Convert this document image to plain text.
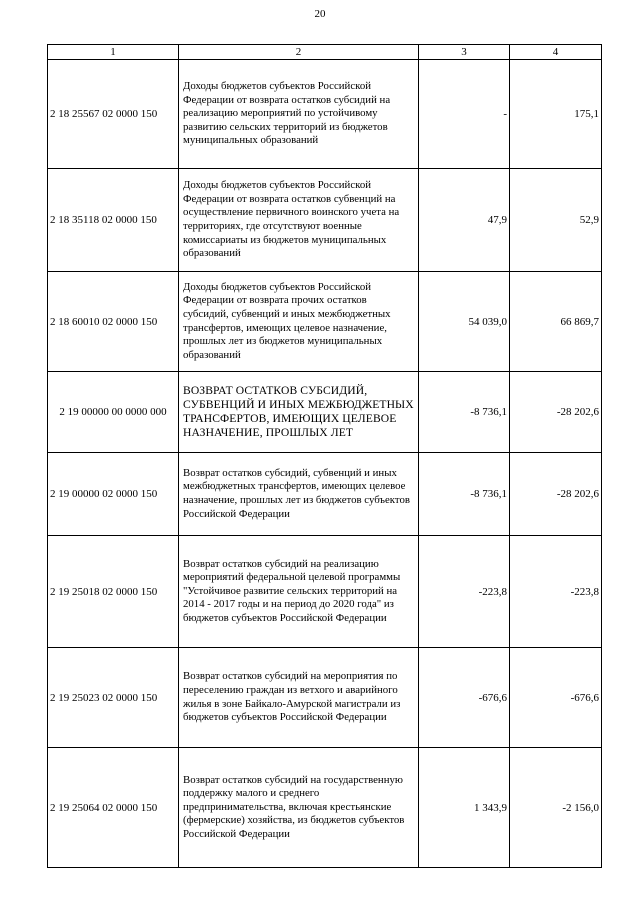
20
1	2	3	4
2 18 25567 02 0000 150	Доходы бюджетов субъектов Российской Федерации от возврата остатков субсидий на реализацию мероприятий по устойчивому развитию сельских территорий из бюджетов муниципальных образований	-	175,1
2 18 35118 02 0000 150	Доходы бюджетов субъектов Российской Федерации от возврата остатков субвенций на осуществление первичного воинского учета на территориях, где отсутствуют военные комиссариаты из бюджетов муниципальных образований	47,9	52,9
2 18 60010 02 0000 150	Доходы бюджетов субъектов Российской Федерации от возврата прочих остатков субсидий, субвенций и иных межбюджетных трансфертов, имеющих целевое назначение, прошлых лет из бюджетов муниципальных образований	54 039,0	66 869,7
2 19 00000 00 0000 000	ВОЗВРАТ ОСТАТКОВ СУБСИДИЙ, СУБВЕНЦИЙ И ИНЫХ МЕЖБЮДЖЕТНЫХ ТРАНСФЕРТОВ, ИМЕЮЩИХ ЦЕЛЕВОЕ НАЗНАЧЕНИЕ, ПРОШЛЫХ ЛЕТ	-8 736,1	-28 202,6
2 19 00000 02 0000 150	Возврат остатков субсидий, субвенций и иных межбюджетных трансфертов, имеющих целевое назначение, прошлых лет из бюджетов субъектов Российской Федерации	-8 736,1	-28 202,6
2 19 25018 02 0000 150	Возврат остатков субсидий на реализацию мероприятий федеральной целевой программы "Устойчивое развитие сельских территорий на 2014 - 2017 годы и на период до 2020 года" из бюджетов субъектов Российской Федерации	-223,8	-223,8
2 19 25023 02 0000 150	Возврат остатков субсидий на мероприятия по переселению граждан из ветхого и аварийного жилья в зоне Байкало-Амурской магистрали из бюджетов субъектов Российской Федерации	-676,6	-676,6
2 19 25064 02 0000 150	Возврат остатков субсидий на государственную поддержку малого и среднего предпринимательства, включая крестьянские (фермерские) хозяйства, из бюджетов субъектов Российской Федерации	1 343,9	-2 156,0
